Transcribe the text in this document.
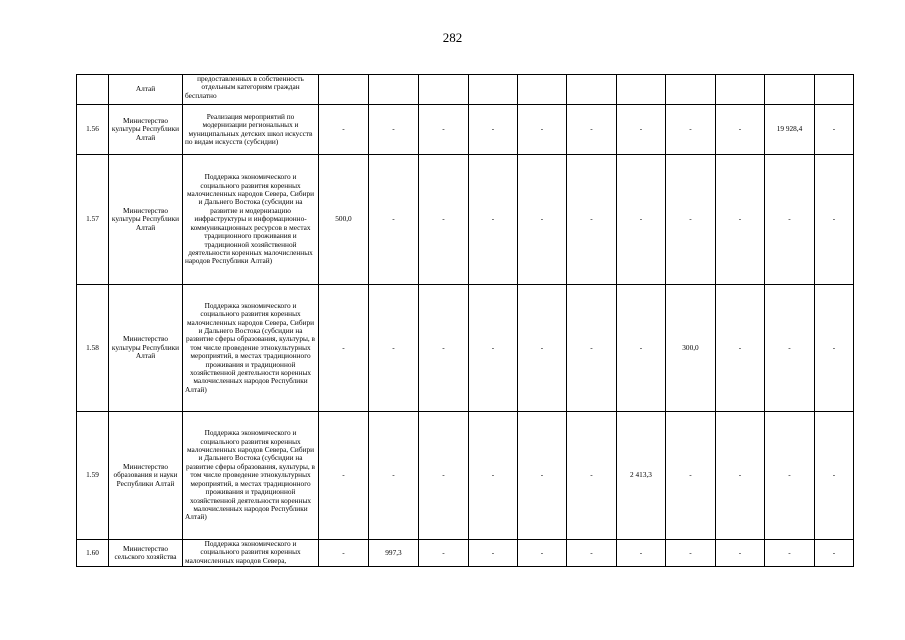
282
	Алтай	предоставленных в собственность отдельным категориям граждан бесплатно											
1.56	Министерство культуры Республики Алтай	Реализация мероприятий по модернизации региональных и муниципальных детских школ искусств по видам искусств (субсидии)	-	-	-	-	-	-	-	-	-	19 928,4	-
1.57	Министерство культуры Республики Алтай	Поддержка экономического и социального развития коренных малочисленных народов Севера, Сибири и Дальнего Востока (субсидии на развитие и модернизацию инфраструктуры и информационно-коммуникационных ресурсов в местах традиционного проживания и традиционной хозяйственной деятельности коренных малочисленных народов Республики Алтай)	500,0	-	-	-	-	-	-	-	-	-	-
1.58	Министерство культуры Республики Алтай	Поддержка экономического и социального развития коренных малочисленных народов Севера, Сибири и Дальнего Востока (субсидии на развитие сферы образования, культуры, в том числе проведение этнокультурных мероприятий, в местах традиционного проживания и традиционной хозяйственной деятельности коренных малочисленных народов Республики Алтай)	-	-	-	-	-	-	-	300,0	-	-	-
1.59	Министерство образования и науки Республики Алтай	Поддержка экономического и социального развития коренных малочисленных народов Севера, Сибири и Дальнего Востока (субсидии на развитие сферы образования, культуры, в том числе проведение этнокультурных мероприятий, в местах традиционного проживания и традиционной хозяйственной деятельности коренных малочисленных народов Республики Алтай)	-	-	-	-	-	-	2 413,3	-	-	-	-
1.60	Министерство сельского хозяйства	Поддержка экономического и социального развития коренных малочисленных народов Севера,	-	997,3	-	-	-	-	-	-	-	-	-
